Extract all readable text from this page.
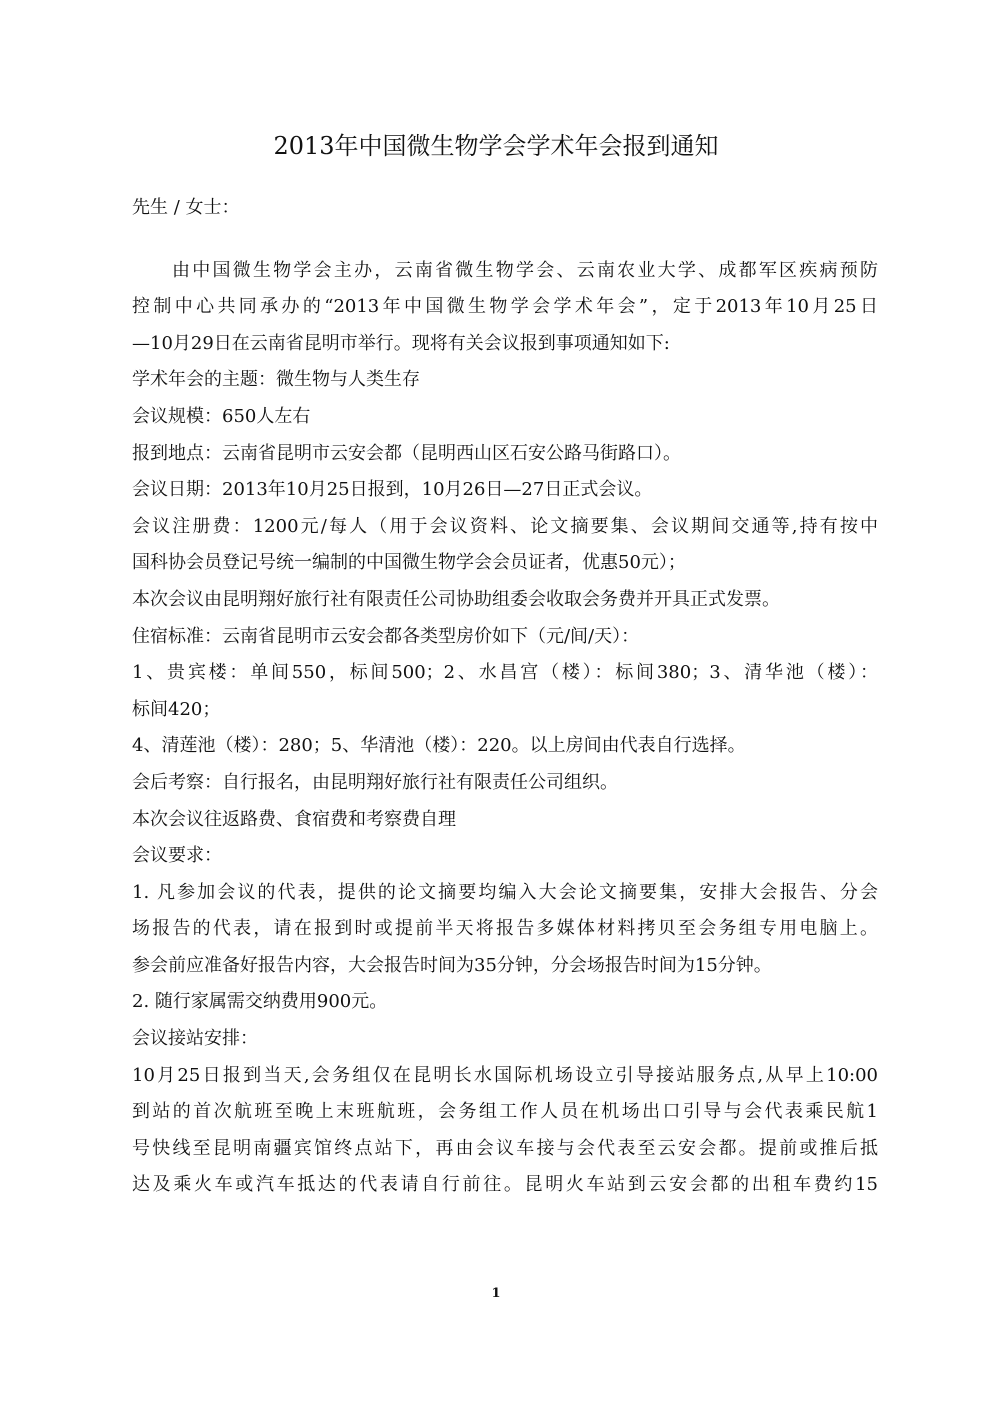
2013年中国微生物学会学术年会报到通知
先生 / 女士：
由中国微生物学会主办，云南省微生物学会、云南农业大学、成都军区疾病预防
控制中心共同承办的“2013年中国微生物学会学术年会”，定于2013年10月25日
—10月29日在云南省昆明市举行。现将有关会议报到事项通知如下:
学术年会的主题：微生物与人类生存
会议规模：650人左右
报到地点：云南省昆明市云安会都（昆明西山区石安公路马街路口）。
会议日期：2013年10月25日报到，10月26日—27日正式会议。
会议注册费：1200元/每人（用于会议资料、论文摘要集、会议期间交通等,持有按中
国科协会员登记号统一编制的中国微生物学会会员证者，优惠50元）；
本次会议由昆明翔好旅行社有限责任公司协助组委会收取会务费并开具正式发票。
住宿标准：云南省昆明市云安会都各类型房价如下（元/间/天）：
1、贵宾楼：单间550，标间500；2、水昌宫（楼）：标间380；3、清华池（楼）：
标间420；
4、清莲池（楼）：280；5、华清池（楼）：220。以上房间由代表自行选择。
会后考察：自行报名，由昆明翔好旅行社有限责任公司组织。
本次会议往返路费、食宿费和考察费自理
会议要求：
1. 凡参加会议的代表，提供的论文摘要均编入大会论文摘要集，安排大会报告、分会
场报告的代表，请在报到时或提前半天将报告多媒体材料拷贝至会务组专用电脑上。
参会前应准备好报告内容，大会报告时间为35分钟，分会场报告时间为15分钟。
2. 随行家属需交纳费用900元。
会议接站安排：
10月25日报到当天,会务组仅在昆明长水国际机场设立引导接站服务点,从早上10:00
到站的首次航班至晚上末班航班，会务组工作人员在机场出口引导与会代表乘民航1
号快线至昆明南疆宾馆终点站下，再由会议车接与会代表至云安会都。提前或推后抵
达及乘火车或汽车抵达的代表请自行前往。昆明火车站到云安会都的出租车费约15
1
